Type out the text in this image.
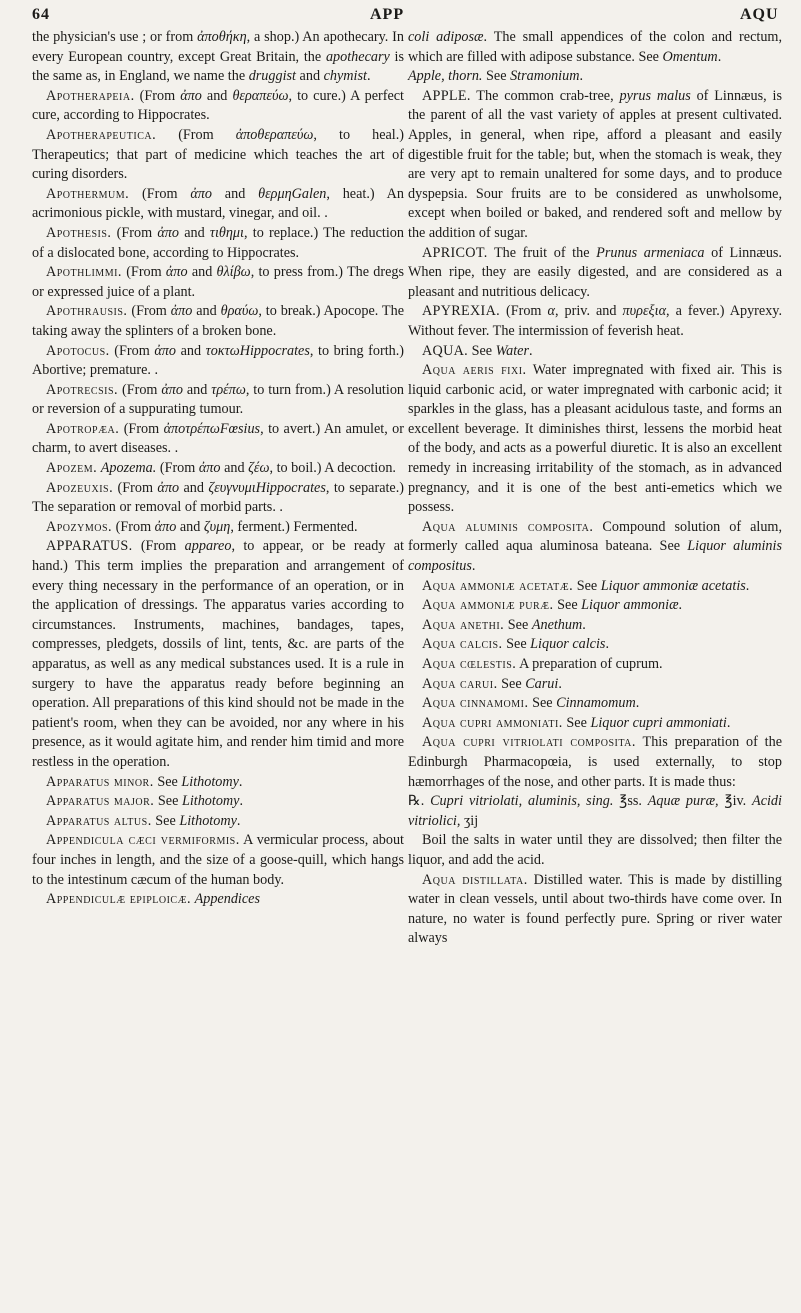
64	APP	AQU

the physician's use ; or from ἀποθήκη, a shop.) An apothecary. In every European country, except Great Britain, the apothecary is the same as, in England, we name the druggist and chymist.

Apotherapeia. (From ἀπο and θεραπεύω, to cure.) A perfect cure, according to Hippocrates.

Apotherapeutica. (From ἀποθεραπεύω, to heal.) Therapeutics; that part of medicine which teaches the art of curing disorders.

Apothermum. (From ἀπο and θερμηGalen, heat.) An acrimonious pickle, with mustard, vinegar, and oil. .

Apothesis. (From ἀπο and τιθημι, to replace.) The reduction of a dislocated bone, according to Hippocrates.

Apothlimmi. (From ἀπο and θλίβω, to press from.) The dregs or expressed juice of a plant.

Apothrausis. (From ἀπο and θραύω, to break.) Apocope. The taking away the splinters of a broken bone.

Apotocus. (From ἀπο and τοκτωHippocrates, to bring forth.) Abortive; premature. .

Apotrecsis. (From ἀπο and τρέπω, to turn from.) A resolution or reversion of a suppurating tumour.

Apotropæa. (From ἀποτρέπωFœsius, to avert.) An amulet, or charm, to avert diseases. .

Apozem. Apozema. (From ἀπο and ζέω, to boil.) A decoction.

Apozeuxis. (From ἀπο and ζευγνυμιHippocrates, to separate.) The separation or removal of morbid parts. .

Apozymos. (From ἀπο and ζυμη, ferment.) Fermented.

APPARATUS. (From appareo, to appear, or be ready at hand.) This term implies the preparation and arrangement of every thing necessary in the performance of an operation, or in the application of dressings. The apparatus varies according to circumstances. Instruments, machines, bandages, tapes, compresses, pledgets, dossils of lint, tents, &c. are parts of the apparatus, as well as any medical substances used. It is a rule in surgery to have the apparatus ready before beginning an operation. All preparations of this kind should not be made in the patient's room, when they can be avoided, nor any where in his presence, as it would agitate him, and render him timid and more restless in the operation.

Apparatus minor. See Lithotomy.

Apparatus major. See Lithotomy.

Apparatus altus. See Lithotomy.

Appendicula cæci vermiformis. A vermicular process, about four inches in length, and the size of a goose-quill, which hangs to the intestinum cæcum of the human body.

Appendiculæ epiploicæ. Appendices

coli adiposæ. The small appendices of the colon and rectum, which are filled with adipose substance. See Omentum.

Apple, thorn. See Stramonium.

APPLE. The common crab-tree, pyrus malus of Linnæus, is the parent of all the vast variety of apples at present cultivated. Apples, in general, when ripe, afford a pleasant and easily digestible fruit for the table; but, when the stomach is weak, they are very apt to remain unaltered for some days, and to produce dyspepsia. Sour fruits are to be considered as unwholsome, except when boiled or baked, and rendered soft and mellow by the addition of sugar.

APRICOT. The fruit of the Prunus armeniaca of Linnæus. When ripe, they are easily digested, and are considered as a pleasant and nutritious delicacy.

APYREXIA. (From α, priv. and πυρεξια, a fever.) Apyrexy. Without fever. The intermission of feverish heat.

AQUA. See Water.

Aqua aeris fixi. Water impregnated with fixed air. This is liquid carbonic acid, or water impregnated with carbonic acid; it sparkles in the glass, has a pleasant acidulous taste, and forms an excellent beverage. It diminishes thirst, lessens the morbid heat of the body, and acts as a powerful diuretic. It is also an excellent remedy in increasing irritability of the stomach, as in advanced pregnancy, and it is one of the best anti-emetics which we possess.

Aqua aluminis composita. Compound solution of alum, formerly called aqua aluminosa bateana. See Liquor aluminis compositus.

Aqua ammoniæ acetatæ. See Liquor ammoniæ acetatis.

Aqua ammoniæ puræ. See Liquor ammoniæ.

Aqua anethi. See Anethum.

Aqua calcis. See Liquor calcis.

Aqua cœlestis. A preparation of cuprum.

Aqua carui. See Carui.

Aqua cinnamomi. See Cinnamomum.

Aqua cupri ammoniati. See Liquor cupri ammoniati.

Aqua cupri vitriolati composita. This preparation of the Edinburgh Pharmacopœia, is used externally, to stop hæmorrhages of the nose, and other parts. It is made thus:

℞. Cupri vitriolati, aluminis, sing. ℥ss. Aquæ puræ, ℥iv. Acidi vitriolici, ʒij

Boil the salts in water until they are dissolved; then filter the liquor, and add the acid.

Aqua distillata. Distilled water. This is made by distilling water in clean vessels, until about two-thirds have come over. In nature, no water is found perfectly pure. Spring or river water always
